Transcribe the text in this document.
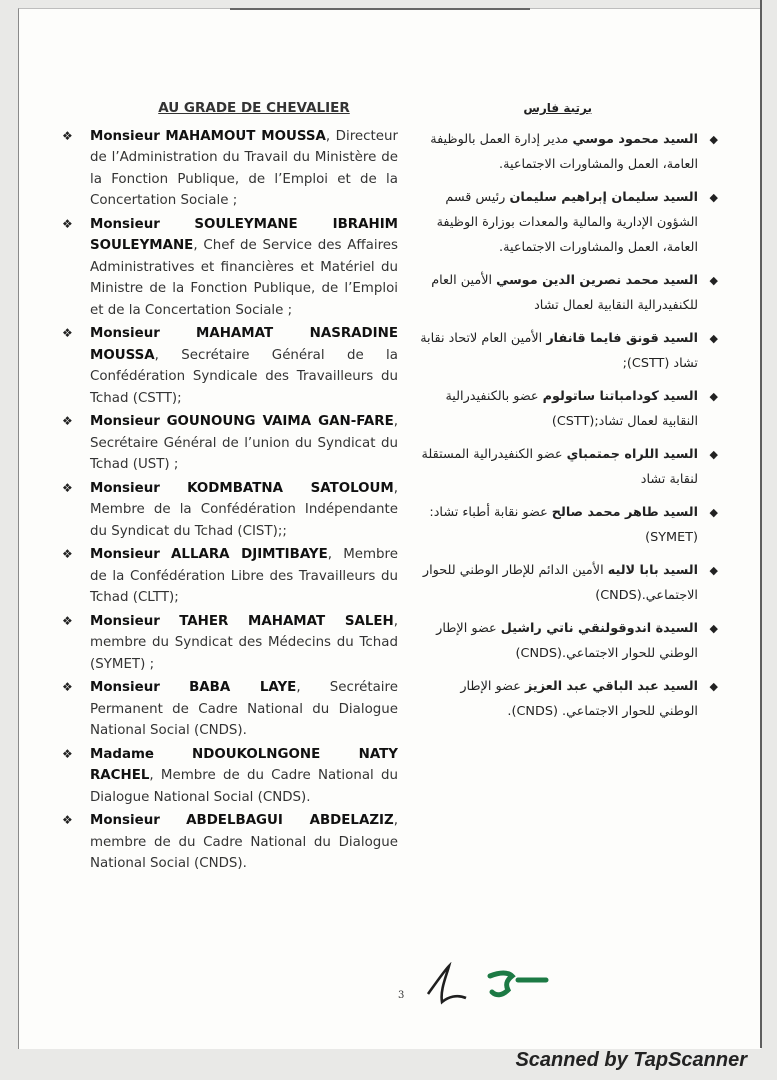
AU GRADE DE CHEVALIER
❖	Monsieur MAHAMOUT MOUSSA, Directeur de l’Administration du Travail du Ministère de la Fonction Publique, de l’Emploi et de la Concertation Sociale ;
❖	Monsieur	SOULEYMANE IBRAHIM SOULEYMANE, Chef de Service des Affaires Administratives et financières et Matériel du Ministre de la Fonction Publique, de l’Emploi et de la Concertation Sociale ;
❖	Monsieur	MAHAMAT NASRADINE MOUSSA, Secrétaire Général de la Confédération Syndicale des Travailleurs du Tchad (CSTT);
❖	Monsieur GOUNOUNG VAIMA GAN-FARE, Secrétaire Général de l’union du Syndicat du Tchad (UST) ;
❖	Monsieur KODMBATNA SATOLOUM, Membre de la Confédération Indépendante du Syndicat du Tchad (CIST);;
❖	Monsieur ALLARA DJIMTIBAYE, Membre de la Confédération Libre des Travailleurs du Tchad (CLTT);
❖	Monsieur TAHER MAHAMAT SALEH, membre du Syndicat des Médecins du Tchad (SYMET) ;
❖	Monsieur BABA LAYE, Secrétaire Permanent de Cadre National du Dialogue National Social (CNDS).
❖	Madame	NDOUKOLNGONE NATY RACHEL, Membre de du Cadre National du Dialogue National Social (CNDS).
❖	Monsieur ABDELBAGUI ABDELAZIZ, membre de du Cadre National du Dialogue National Social (CNDS).
برتبة فارس
◆
السيد محمود موسي مدير إدارة العمل بالوظيفة العامة، العمل والمشاورات الاجتماعية.
◆
السيد سليمان إبراهيم سليمان رئيس قسم الشؤون الإدارية والمالية والمعدات بوزارة الوظيفة العامة، العمل والمشاورات الاجتماعية.
◆
السيد محمد نصرين الدين موسي الأمين العام للكنفيدرالية النقابية لعمال تشاد
◆
السيد قونق فايما قانفار الأمين العام لاتحاد نقابة تشاد (CSTT);
◆
السيد كودامباتنا ساتولوم عضو بالكنفيدرالية النقابية لعمال تشاد;(CSTT)
◆
السيد اللراه جمتمباي عضو الكنفيدرالية المستقلة لنقابة تشاد
◆
السيد طاهر محمد صالح عضو نقابة أطباء تشاد: (SYMET)
◆
السيد بابا لاليه الأمين الدائم للإطار الوطني للحوار الاجتماعي.(CNDS)
◆
السيدة اندوقولنقي ناتي راشيل عضو الإطار الوطني للحوار الاجتماعي.(CNDS)
◆
السيد عبد الباقي عبد العزيز عضو الإطار الوطني للحوار الاجتماعي. (CNDS).
3
Scanned by TapScanner
